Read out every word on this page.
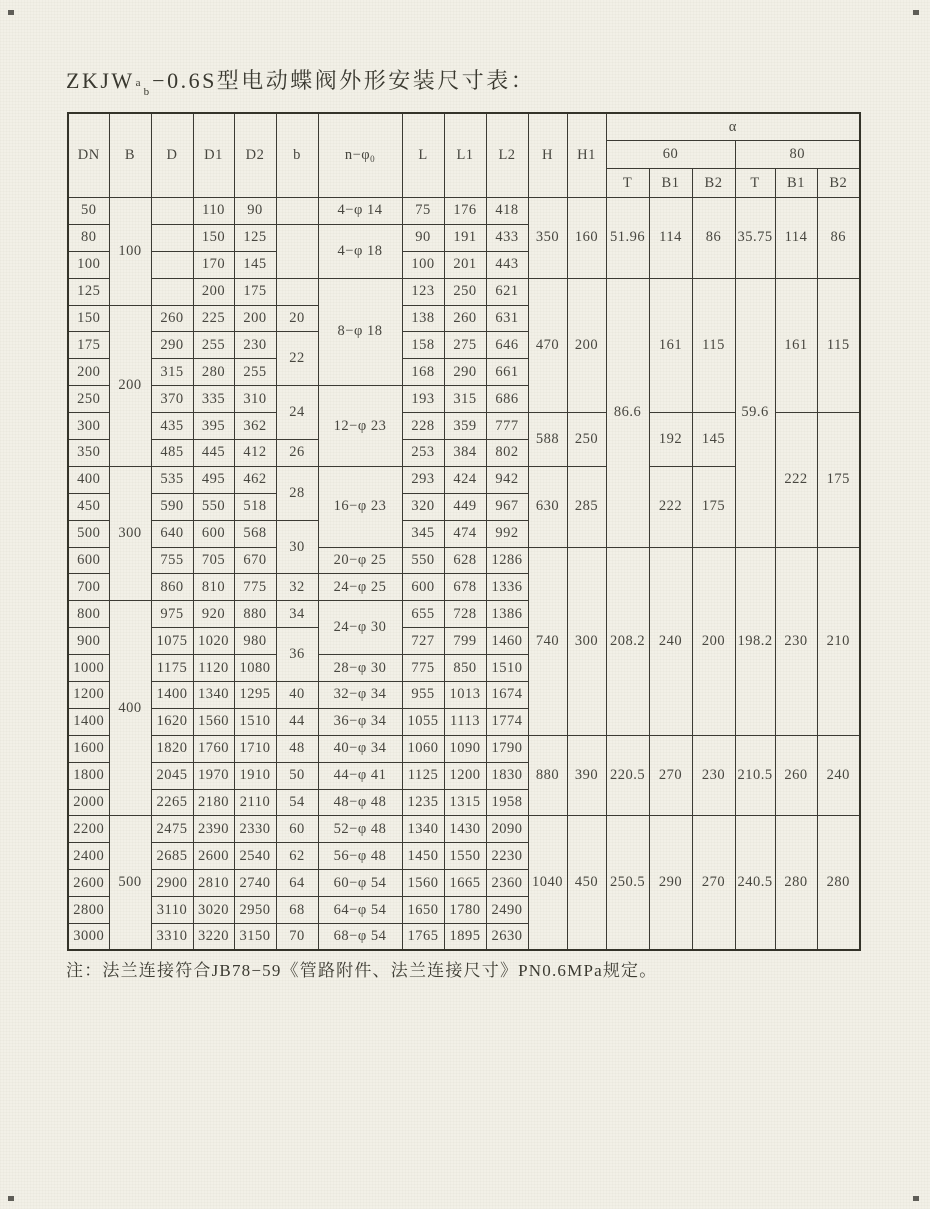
ZKJW a
b −0.6S型电动蝶阀外形安装尺寸表：
DN	B	D	D1	D2	b	$n-\varphi_0$	L	L1	L2	H	H1	α					
												60			80		
												T	B1	B2	T	B1	B2
50	100		110	90		4−φ 14	75	176	418	350	160	51.96	114	86	35.75	114	86
80			150	125		4−φ 18	90	191	433								
100			170	145			100	201	443								
125			200	175		8−φ 18	123	250	621	470	200	86.6	161	115	59.6	161	115
150	200	260	225	200	20		138	260	631								
175		290	255	230	22		158	275	646								
200		315	280	255			168	290	661								
250		370	335	310	24	12−φ 23	193	315	686								
300		435	395	362			228	359	777	588	250		192	145		222	175
350		485	445	412	26		253	384	802								
400	300	535	495	462	28	16−φ 23	293	424	942	630	285		222	175			
450		590	550	518			320	449	967								
500		640	600	568	30		345	474	992								
600		755	705	670		20−φ 25	550	628	1286	740	300	208.2	240	200	198.2	230	210
700		860	810	775	32	24−φ 25	600	678	1336								
800	400	975	920	880	34	24−φ 30	655	728	1386								
900		1075	1020	980	36		727	799	1460								
1000		1175	1120	1080		28−φ 30	775	850	1510								
1200		1400	1340	1295	40	32−φ 34	955	1013	1674								
1400		1620	1560	1510	44	36−φ 34	1055	1113	1774								
1600		1820	1760	1710	48	40−φ 34	1060	1090	1790	880	390	220.5	270	230	210.5	260	240
1800		2045	1970	1910	50	44−φ 41	1125	1200	1830								
2000		2265	2180	2110	54	48−φ 48	1235	1315	1958								
2200	500	2475	2390	2330	60	52−φ 48	1340	1430	2090	1040	450	250.5	290	270	240.5	280	280
2400		2685	2600	2540	62	56−φ 48	1450	1550	2230								
2600		2900	2810	2740	64	60−φ 54	1560	1665	2360								
2800		3110	3020	2950	68	64−φ 54	1650	1780	2490								
3000		3310	3220	3150	70	68−φ 54	1765	1895	2630								
注：法兰连接符合JB78−59《管路附件、法兰连接尺寸》PN0.6MPa规定。
